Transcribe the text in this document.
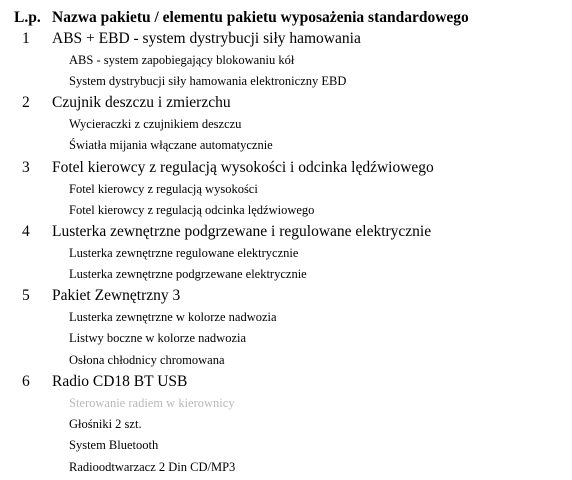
L.p. Nazwa pakietu / elementu pakietu wyposażenia standardowego
1 ABS + EBD - system dystrybucji siły hamowania
ABS - system zapobiegający blokowaniu kół
System dystrybucji siły hamowania elektroniczny EBD
2 Czujnik deszczu i zmierzchu
Wycieraczki z czujnikiem deszczu
Światła mijania włączane automatycznie
3 Fotel kierowcy z regulacją wysokości i odcinka lędźwiowego
Fotel kierowcy z regulacją wysokości
Fotel kierowcy z regulacją odcinka lędźwiowego
4 Lusterka zewnętrzne podgrzewane i regulowane elektrycznie
Lusterka zewnętrzne regulowane elektrycznie
Lusterka zewnętrzne podgrzewane elektrycznie
5 Pakiet Zewnętrzny 3
Lusterka zewnętrzne w kolorze nadwozia
Listwy boczne w kolorze nadwozia
Osłona chłodnicy chromowana
6 Radio CD18 BT USB
Sterowanie radiem w kierownicy
Głośniki 2 szt.
System Bluetooth
Radioodtwarzacz 2 Din CD/MP3
